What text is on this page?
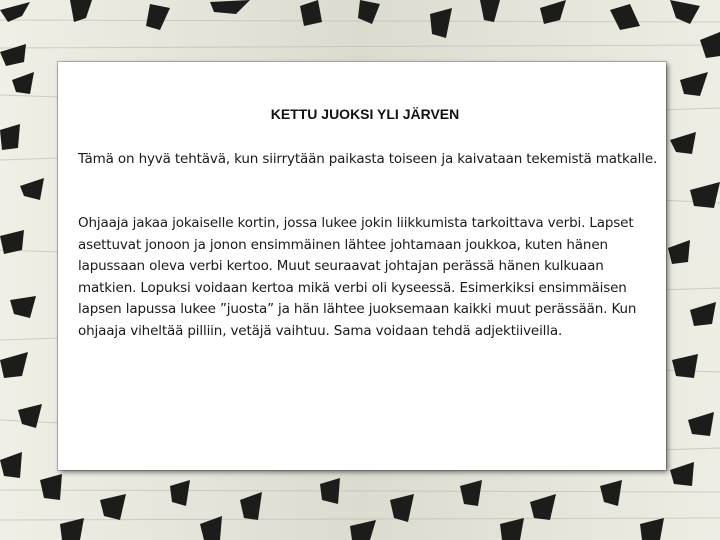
KETTU JUOKSI YLI JÄRVEN

Tämä on hyvä tehtävä, kun siirrytään paikasta toiseen ja kaivataan tekemistä matkalle.

Ohjaaja jakaa jokaiselle kortin, jossa lukee jokin liikkumista tarkoittava verbi. Lapset asettuvat jonoon ja jonon ensimmäinen lähtee johtamaan joukkoa, kuten hänen lapussaan oleva verbi kertoo. Muut seuraavat johtajan perässä hänen kulkuaan matkien. Lopuksi voidaan kertoa mikä verbi oli kyseessä. Esimerkiksi ensimmäisen lapsen lapussa lukee ”juosta” ja hän lähtee juoksemaan kaikki muut perässään. Kun ohjaaja viheltää pilliin, vetäjä vaihtuu. Sama voidaan tehdä adjektiiveilla.
